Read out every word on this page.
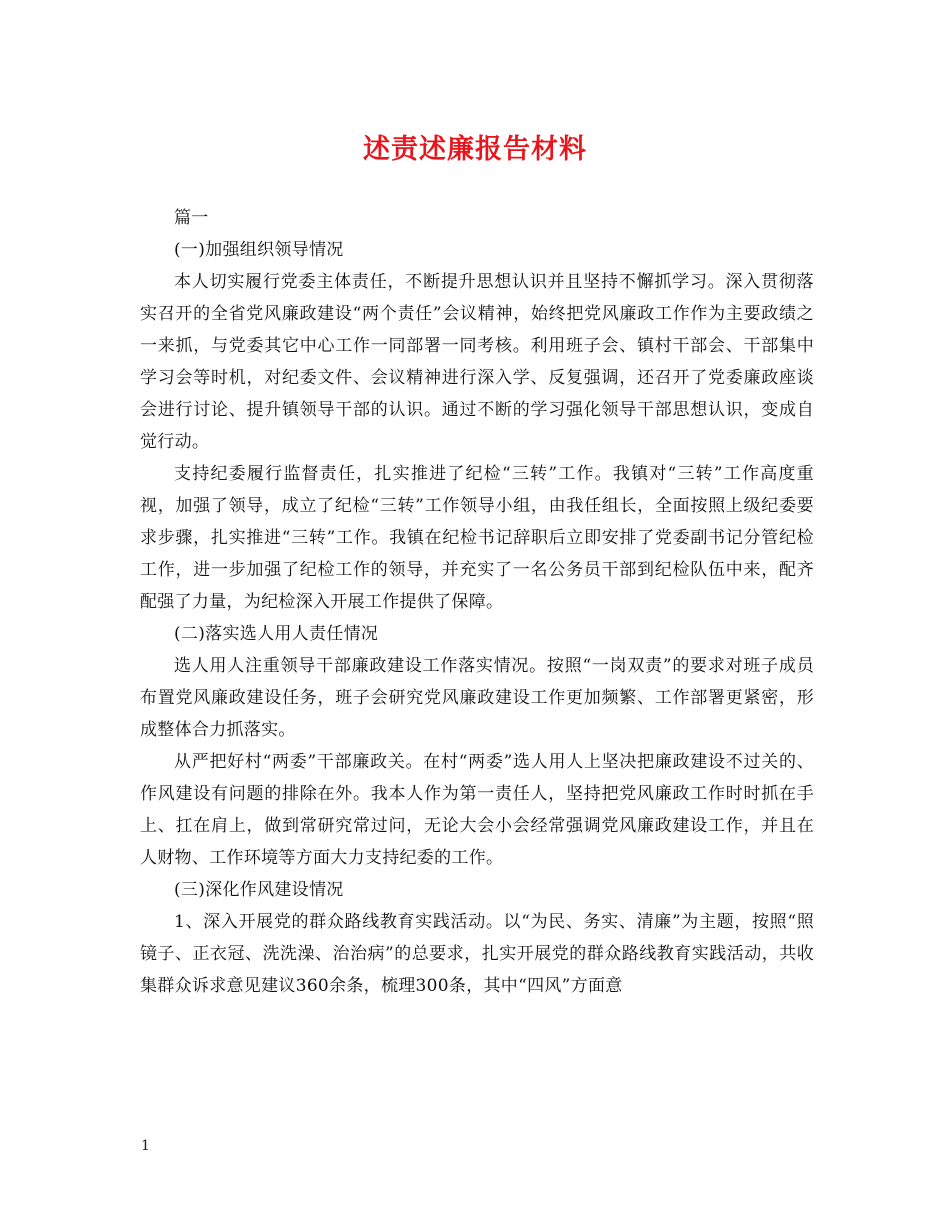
述责述廉报告材料

篇一

(一)加强组织领导情况

本人切实履行党委主体责任，不断提升思想认识并且坚持不懈抓学习。深入贯彻落实召开的全省党风廉政建设“两个责任”会议精神，始终把党风廉政工作作为主要政绩之一来抓，与党委其它中心工作一同部署一同考核。利用班子会、镇村干部会、干部集中学习会等时机，对纪委文件、会议精神进行深入学、反复强调，还召开了党委廉政座谈会进行讨论、提升镇领导干部的认识。通过不断的学习强化领导干部思想认识，变成自觉行动。

支持纪委履行监督责任，扎实推进了纪检“三转”工作。我镇对“三转”工作高度重视，加强了领导，成立了纪检“三转”工作领导小组，由我任组长，全面按照上级纪委要求步骤，扎实推进“三转”工作。我镇在纪检书记辞职后立即安排了党委副书记分管纪检工作，进一步加强了纪检工作的领导，并充实了一名公务员干部到纪检队伍中来，配齐配强了力量，为纪检深入开展工作提供了保障。

(二)落实选人用人责任情况

选人用人注重领导干部廉政建设工作落实情况。按照“一岗双责”的要求对班子成员布置党风廉政建设任务，班子会研究党风廉政建设工作更加频繁、工作部署更紧密，形成整体合力抓落实。

从严把好村“两委”干部廉政关。在村“两委”选人用人上坚决把廉政建设不过关的、作风建设有问题的排除在外。我本人作为第一责任人，坚持把党风廉政工作时时抓在手上、扛在肩上，做到常研究常过问，无论大会小会经常强调党风廉政建设工作，并且在人财物、工作环境等方面大力支持纪委的工作。

(三)深化作风建设情况

1、深入开展党的群众路线教育实践活动。以“为民、务实、清廉”为主题，按照“照镜子、正衣冠、洗洗澡、治治病”的总要求，扎实开展党的群众路线教育实践活动，共收集群众诉求意见建议360余条，梳理300条，其中“四风”方面意

1
